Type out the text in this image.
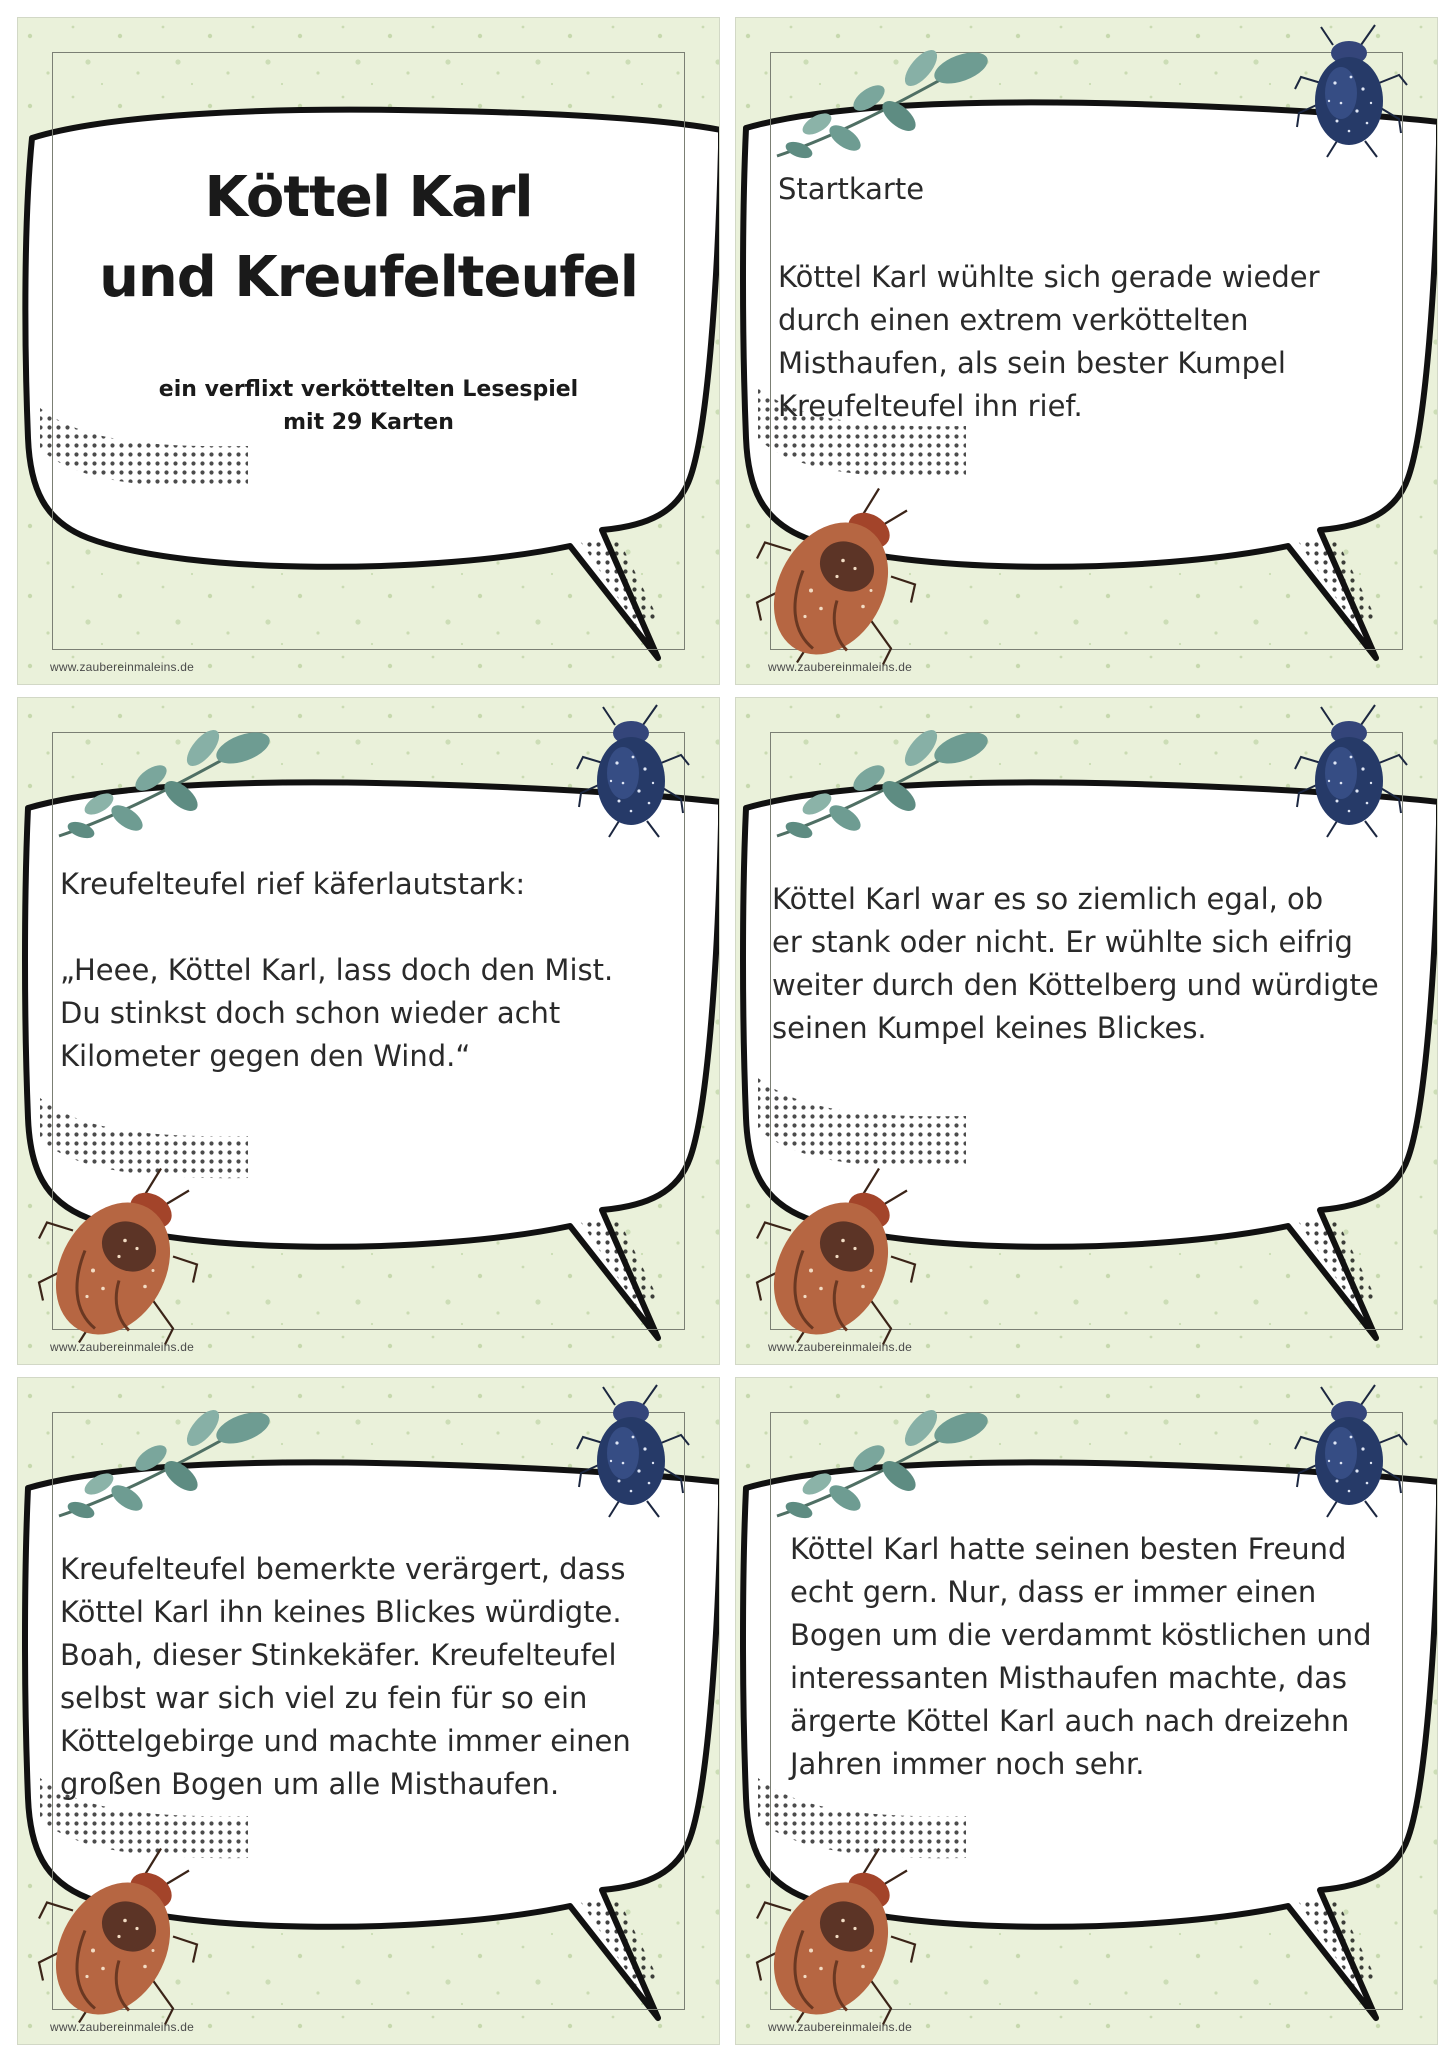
Köttel Karl
und Kreufelteufel
ein verflixt verköttelten Lesespiel
mit 29 Karten
www.zaubereinmaleins.de
Startkarte
Köttel Karl wühlte sich gerade wieder
durch einen extrem verköttelten
Misthaufen, als sein bester Kumpel
Kreufelteufel ihn rief.
www.zaubereinmaleins.de
Kreufelteufel rief käferlautstark:

„Heee, Köttel Karl, lass doch den Mist.
Du stinkst doch schon wieder acht
Kilometer gegen den Wind.“
www.zaubereinmaleins.de
Köttel Karl war es so ziemlich egal, ob
er stank oder nicht. Er wühlte sich eifrig
weiter durch den Köttelberg und würdigte
seinen Kumpel keines Blickes.
www.zaubereinmaleins.de
Kreufelteufel bemerkte verärgert, dass
Köttel Karl ihn keines Blickes würdigte.
Boah, dieser Stinkekäfer. Kreufelteufel
selbst war sich viel zu fein für so ein
Köttelgebirge und machte immer einen
großen Bogen um alle Misthaufen.
www.zaubereinmaleins.de
Köttel Karl hatte seinen besten Freund
echt gern. Nur, dass er immer einen
Bogen um die verdammt köstlichen und
interessanten Misthaufen machte, das
ärgerte Köttel Karl auch nach dreizehn
Jahren immer noch sehr.
www.zaubereinmaleins.de
